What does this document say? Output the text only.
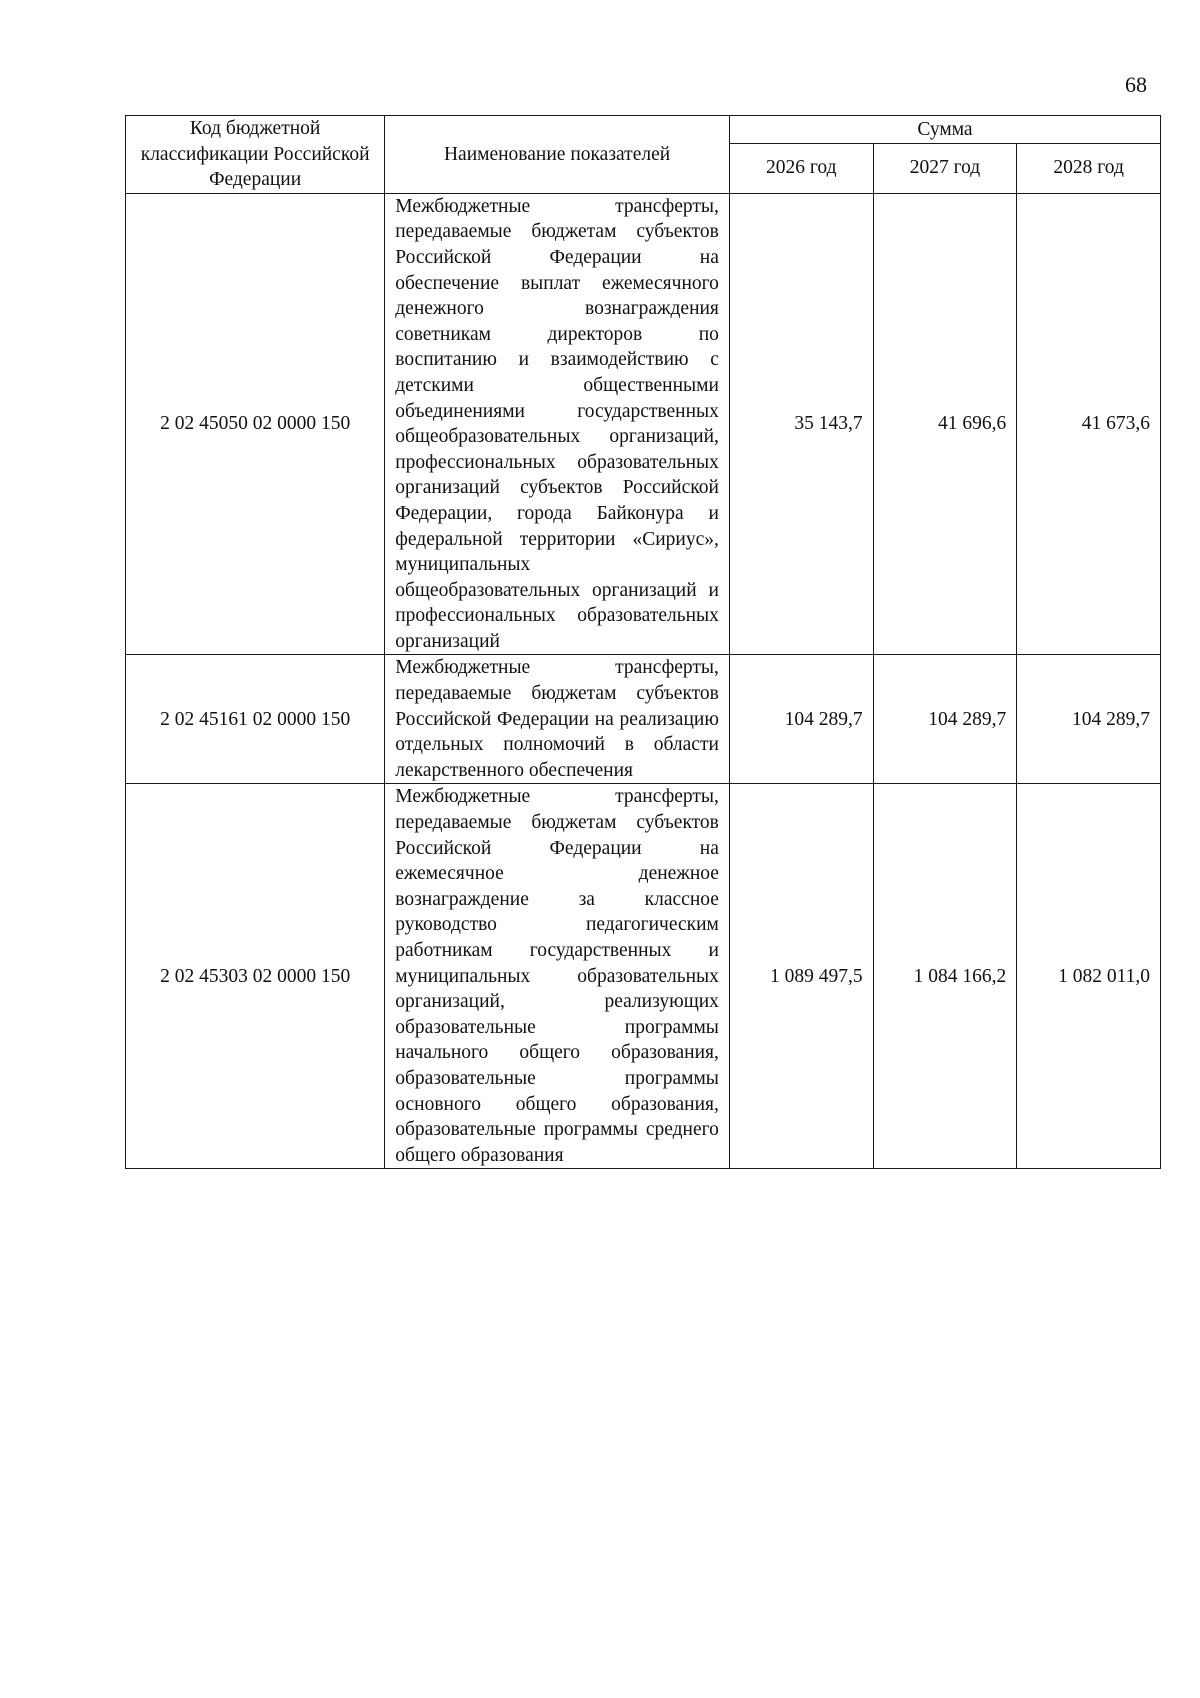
68
Код бюджетной классификации Российской Федерации	Наименование показателей	Сумма		
		2026 год	2027 год	2028 год
2 02 45050 02 0000 150	Межбюджетные трансферты, передаваемые бюджетам субъектов Российской Федерации на обеспечение выплат ежемесячного денежного вознаграждения советникам директоров по воспитанию и взаимодействию с детскими общественными объединениями государственных общеобразовательных организаций, профессиональных образовательных организаций субъектов Российской Федерации, города Байконура и федеральной территории «Сириус», муниципальных общеобразовательных организаций и профессиональных образовательных организаций	35 143,7	41 696,6	41 673,6
2 02 45161 02 0000 150	Межбюджетные трансферты, передаваемые бюджетам субъектов Российской Федерации на реализацию отдельных полномочий в области лекарственного обеспечения	104 289,7	104 289,7	104 289,7
2 02 45303 02 0000 150	Межбюджетные трансферты, передаваемые бюджетам субъектов Российской Федерации на ежемесячное денежное вознаграждение за классное руководство педагогическим работникам государственных и муниципальных образовательных организаций, реализующих образовательные программы начального общего образования, образовательные программы основного общего образования, образовательные программы среднего общего образования	1 089 497,5	1 084 166,2	1 082 011,0
